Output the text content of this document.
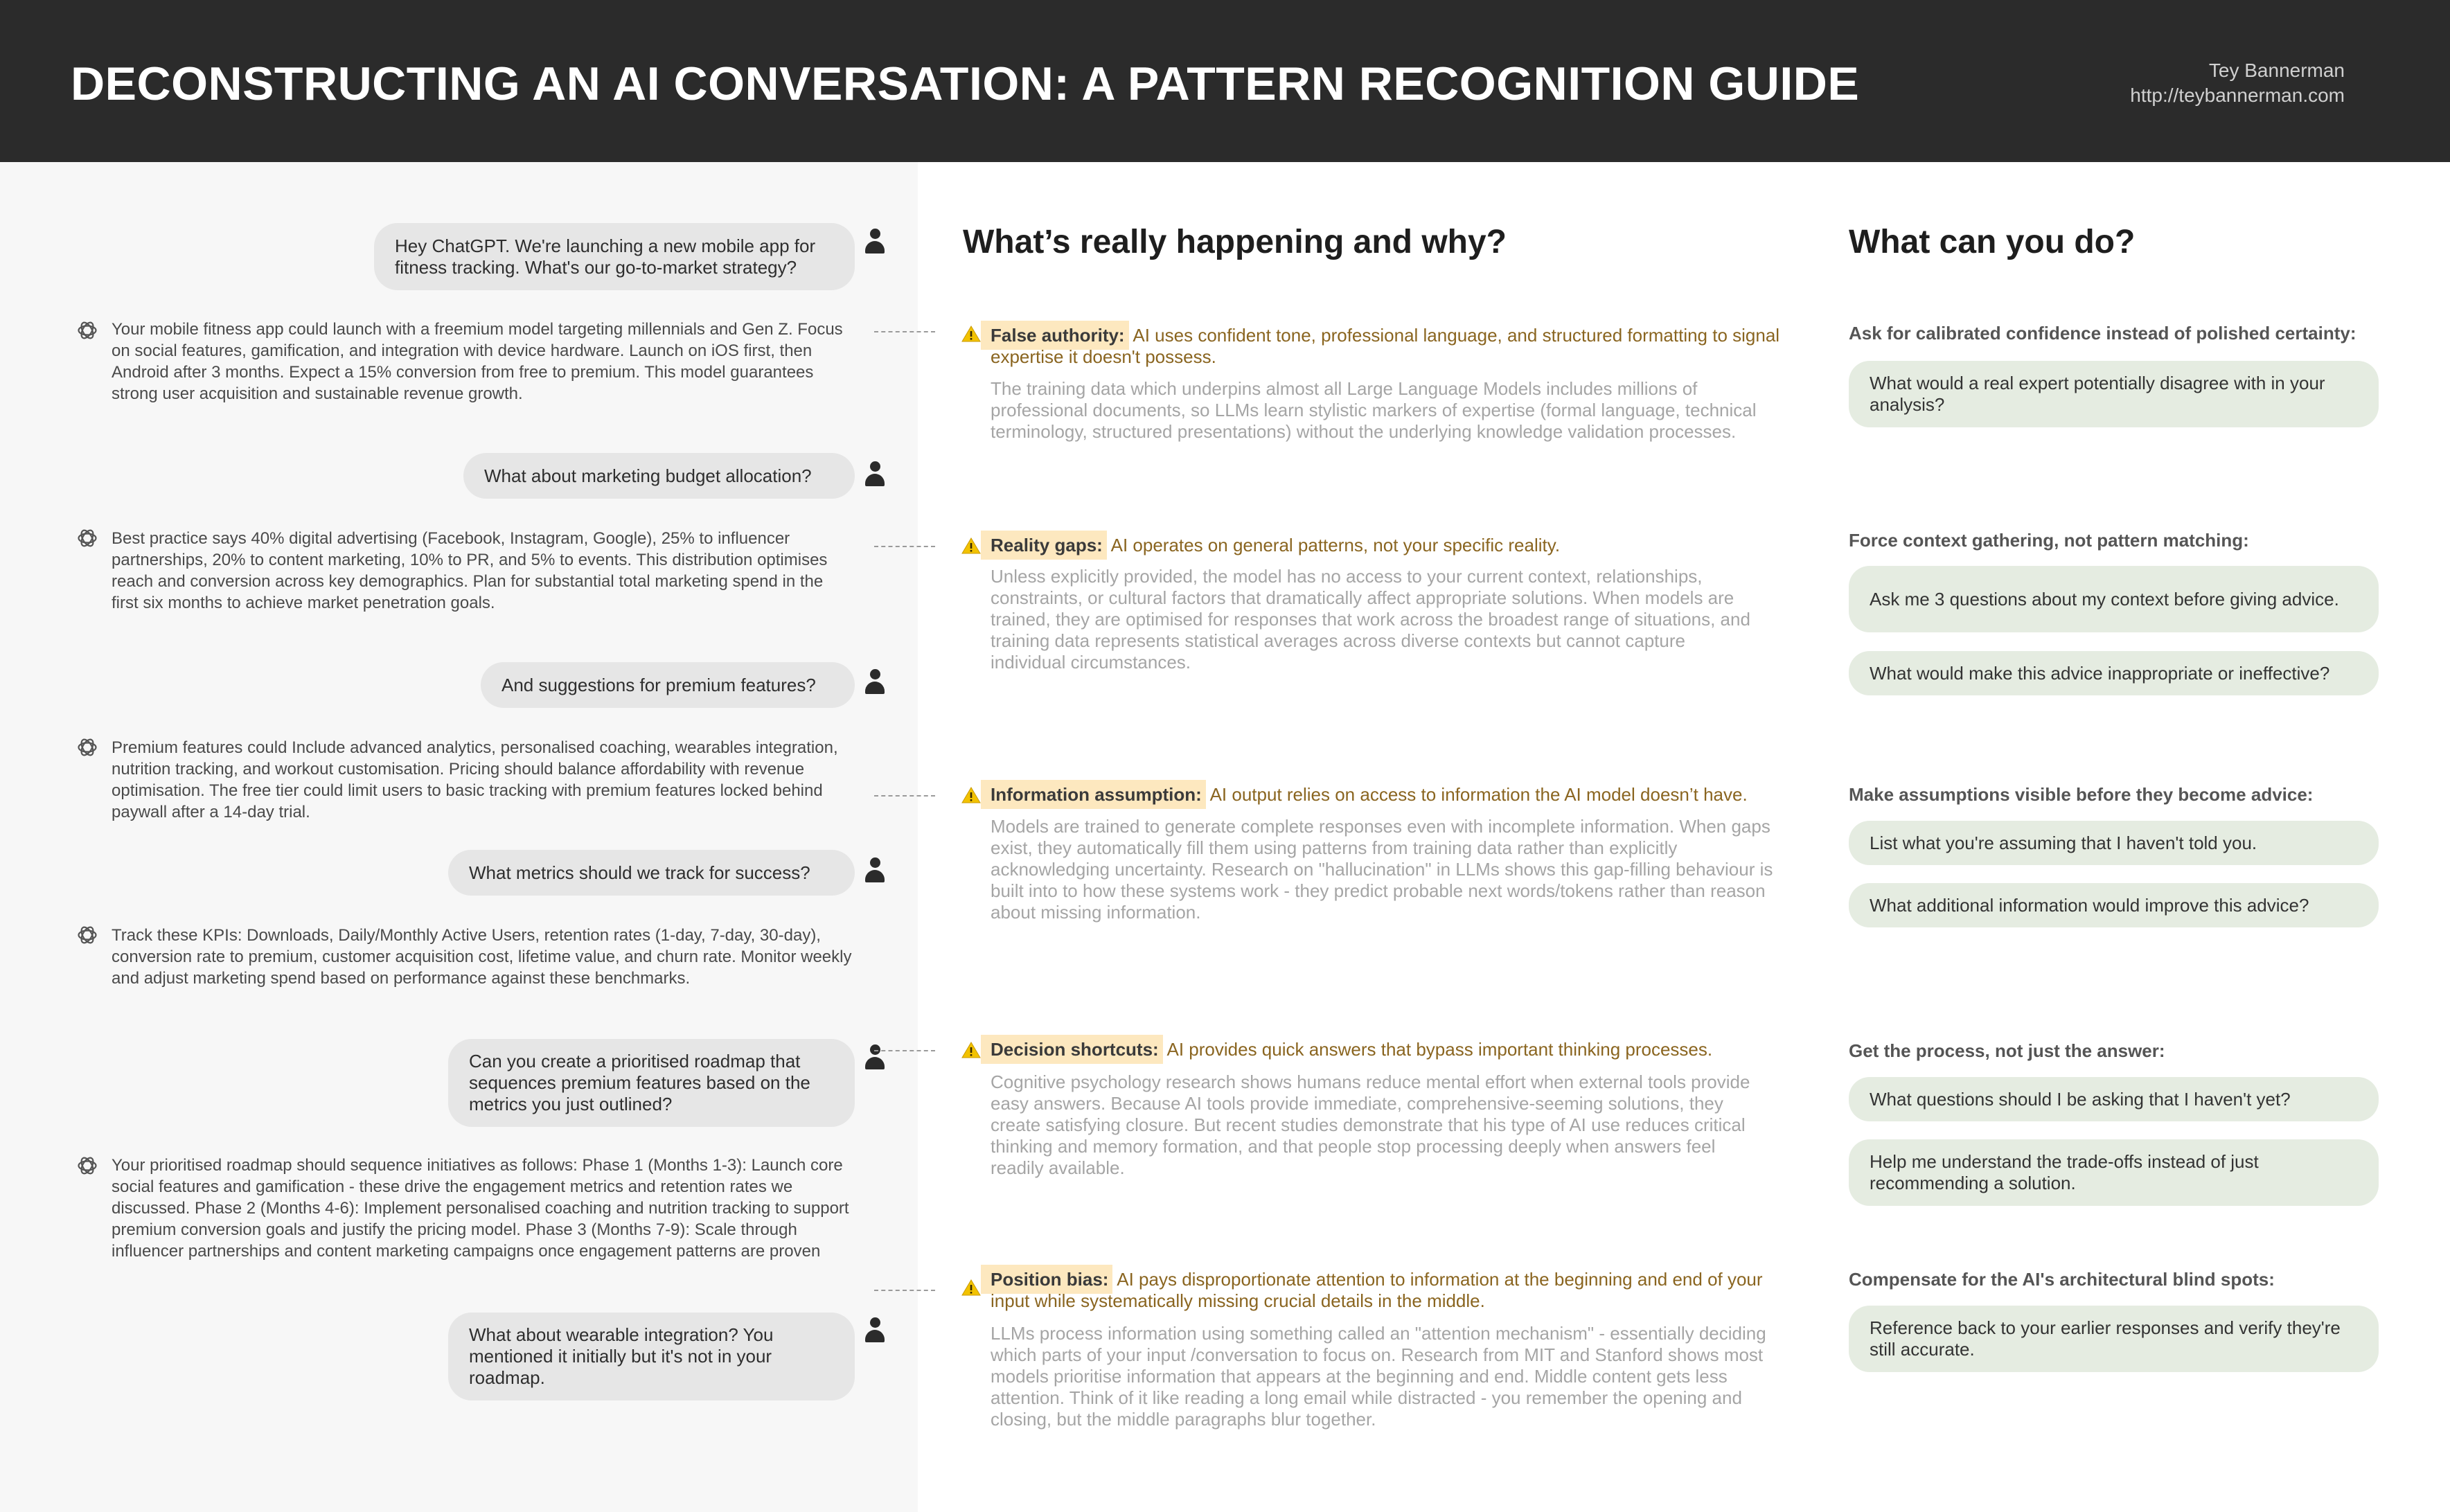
DECONSTRUCTING AN AI CONVERSATION: A PATTERN RECOGNITION GUIDE	Tey Bannerman
http://teybannerman.com
Hey ChatGPT. We're launching a new mobile app for fitness tracking. What's our go-to-market strategy?
Your mobile fitness app could launch with a freemium model targeting millennials and Gen Z. Focus on social features, gamification, and integration with device hardware. Launch on iOS first, then Android after 3 months. Expect a 15% conversion from free to premium. This model guarantees strong user acquisition and sustainable revenue growth.
What about marketing budget allocation?
Best practice says 40% digital advertising (Facebook, Instagram, Google), 25% to influencer partnerships, 20% to content marketing, 10% to PR, and 5% to events. This distribution optimises reach and conversion across key demographics. Plan for substantial total marketing spend in the first six months to achieve market penetration goals.
And suggestions for premium features?
Premium features could Include advanced analytics, personalised coaching, wearables integration, nutrition tracking, and workout customisation. Pricing should balance affordability with revenue optimisation. The free tier could limit users to basic tracking with premium features locked behind paywall after a 14-day trial.
What metrics should we track for success?
Track these KPIs: Downloads, Daily/Monthly Active Users, retention rates (1-day, 7-day, 30-day), conversion rate to premium, customer acquisition cost, lifetime value, and churn rate. Monitor weekly and adjust marketing spend based on performance against these benchmarks.
Can you create a prioritised roadmap that sequences premium features based on the metrics you just outlined?
Your prioritised roadmap should sequence initiatives as follows: Phase 1 (Months 1-3): Launch core social features and gamification - these drive the engagement metrics and retention rates we discussed. Phase 2 (Months 4-6): Implement personalised coaching and nutrition tracking to support premium conversion goals and justify the pricing model. Phase 3 (Months 7-9): Scale through influencer partnerships and content marketing campaigns once engagement patterns are proven
What about wearable integration? You mentioned it initially but it's not in your roadmap.
What’s really happening and why?
False authority: AI uses confident tone, professional language, and structured formatting to signal expertise it doesn't possess.
The training data which underpins almost all Large Language Models includes millions of professional documents, so LLMs learn stylistic markers of expertise (formal language, technical terminology, structured presentations) without the underlying knowledge validation processes.
Reality gaps: AI operates on general patterns, not your specific reality.
Unless explicitly provided, the model has no access to your current context, relationships, constraints, or cultural factors that dramatically affect appropriate solutions. When models are trained, they are optimised for responses that work across the broadest range of situations, and training data represents statistical averages across diverse contexts but cannot capture individual circumstances.
Information assumption: AI output relies on access to information the AI model doesn’t have.
Models are trained to generate complete responses even with incomplete information. When gaps exist, they automatically fill them using patterns from training data rather than explicitly acknowledging uncertainty. Research on "hallucination" in LLMs shows this gap-filling behaviour is built into to how these systems work - they predict probable next words/tokens rather than reason about missing information.
Decision shortcuts: AI provides quick answers that bypass important thinking processes.
Cognitive psychology research shows humans reduce mental effort when external tools provide easy answers. Because AI tools provide immediate, comprehensive-seeming solutions, they create satisfying closure. But recent studies demonstrate that his type of AI use reduces critical thinking and memory formation, and that people stop processing deeply when answers feel readily available.
Position bias: AI pays disproportionate attention to information at the beginning and end of your input while systematically missing crucial details in the middle.
LLMs process information using something called an "attention mechanism" - essentially deciding which parts of your input /conversation to focus on. Research from MIT and Stanford shows most models prioritise information that appears at the beginning and end. Middle content gets less attention. Think of it like reading a long email while distracted - you remember the opening and closing, but the middle paragraphs blur together.
What can you do?
Ask for calibrated confidence instead of polished certainty:
What would a real expert potentially disagree with in your analysis?
Force context gathering, not pattern matching:
Ask me 3 questions about my context before giving advice.
What would make this advice inappropriate or ineffective?
Make assumptions visible before they become advice:
List what you're assuming that I haven't told you.
What additional information would improve this advice?
Get the process, not just the answer:
What questions should I be asking that I haven't yet?
Help me understand the trade-offs instead of just recommending a solution.
Compensate for the AI's architectural blind spots:
Reference back to your earlier responses and verify they're still accurate.
